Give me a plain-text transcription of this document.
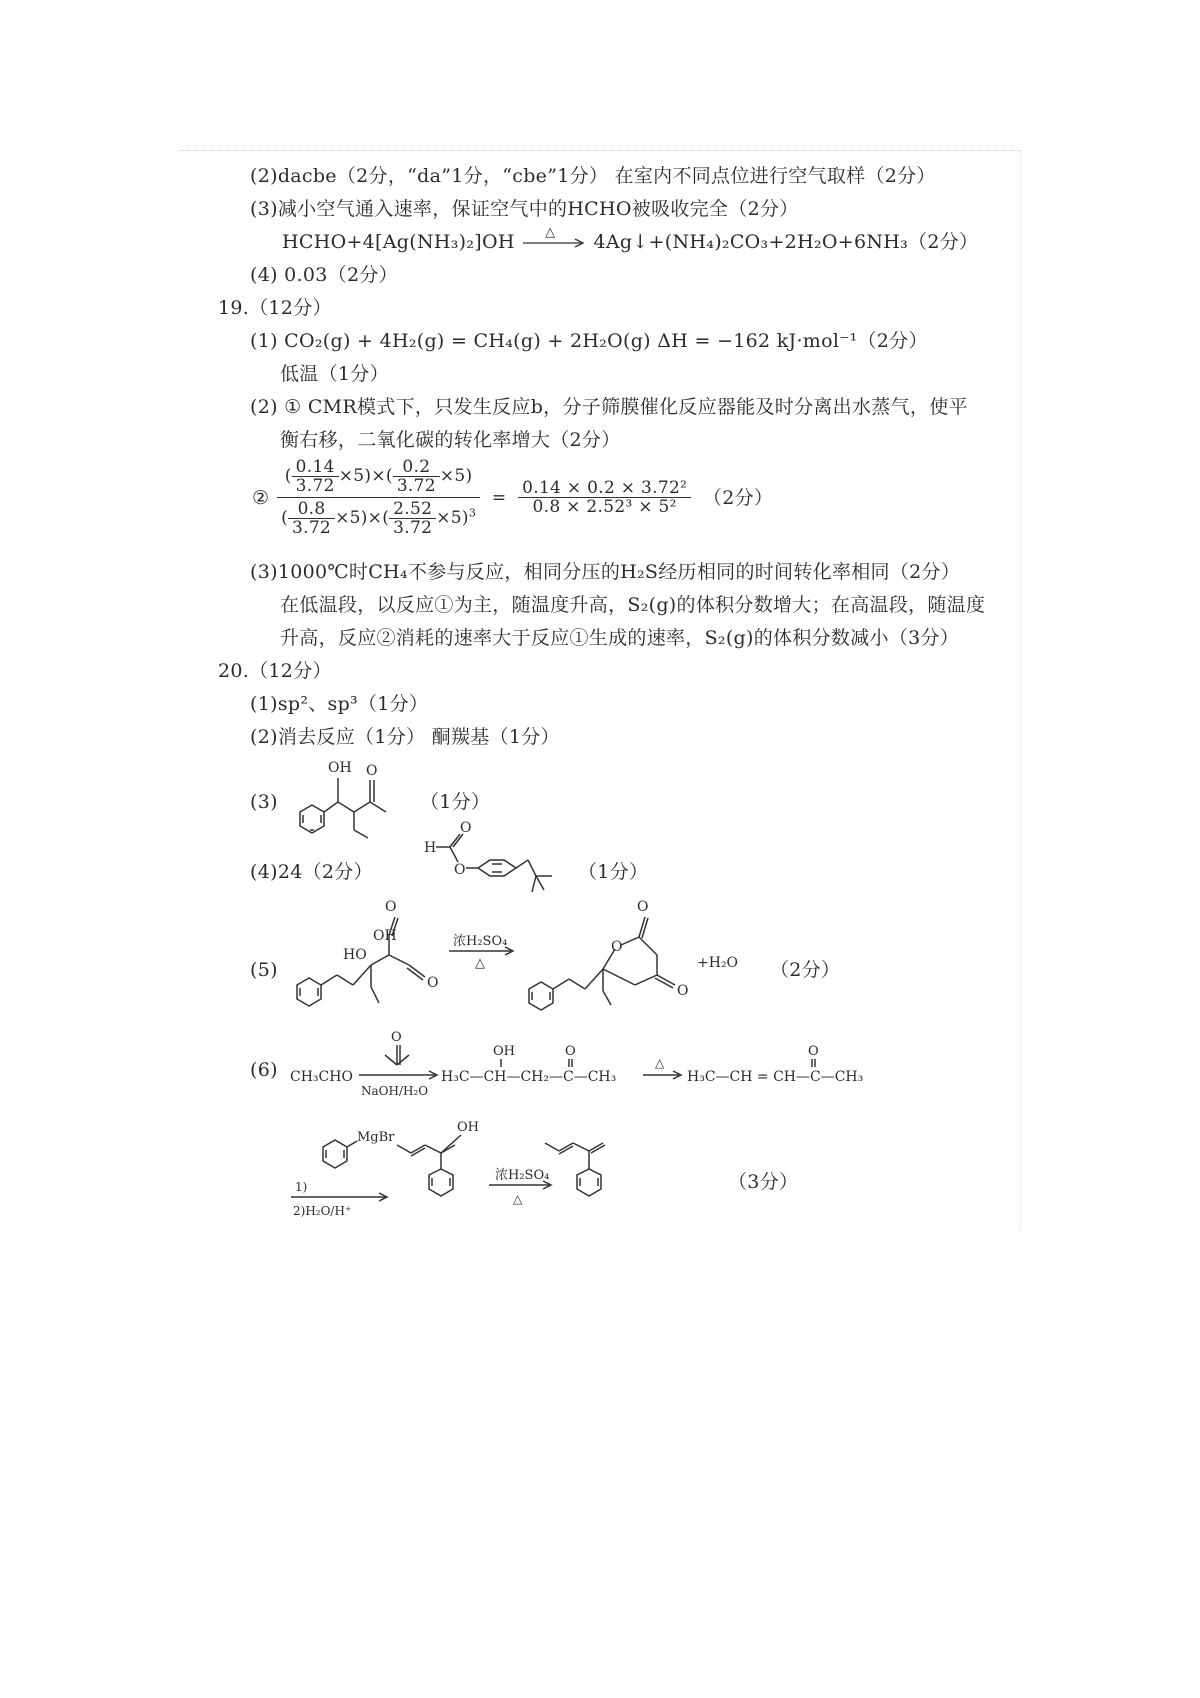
(2)dacbe（2分，“da”1分，“cbe”1分） 在室内不同点位进行空气取样（2分）
(3)减小空气通入速率，保证空气中的HCHO被吸收完全（2分）
HCHO+4[Ag(NH₃)₂]OH △ 4Ag↓+(NH₄)₂CO₃+2H₂O+6NH₃（2分）
(4) 0.03（2分）
19.（12分）
(1) CO₂(g) + 4H₂(g) = CH₄(g) + 2H₂O(g) ΔH = −162 kJ·mol⁻¹（2分）
低温（1分）
(2) ① CMR模式下，只发生反应b，分子筛膜催化反应器能及时分离出水蒸气，使平
衡右移，二氧化碳的转化率增大（2分）
② $\frac{( \frac{0.14}{3.72} \times 5)\times( \frac{0.2}{3.72} \times 5)}{( \frac{0.8}{3.72} \times 5)\times( \frac{2.52}{3.72} \times 5)^3} = \frac{\text{0.14 × 0.2 × 3.72²}}{\text{0.8 × 2.52³ × 5²}} (2$分）
(3)1000℃时CH₄不参与反应，相同分压的H₂S经历相同的时间转化率相同（2分）
在低温段，以反应①为主，随温度升高，S₂(g)的体积分数增大；在高温段，随温度
升高，反应②消耗的速率大于反应①生成的速率，S₂(g)的体积分数减小（3分）
20.（12分）
(1)sp²、sp³（1分）
(2)消去反应（1分） 酮羰基（1分）
(3)
OH O
（1分）
(4)24（2分）
H
O
O	（1分）
(5)
O
OH
HO
O
浓H₂SO₄
△
O
O
O
+H₂O （2分）
(6) CH₃CHO
O
NaOH/H₂O
H₃C—CH—CH₂—C—CH₃
OH	O
△
H₃C—CH = CH—C—CH₃
O
MgBr
1)
2)H₂O/H⁺
OH
浓H₂SO₄
△
（3分）
